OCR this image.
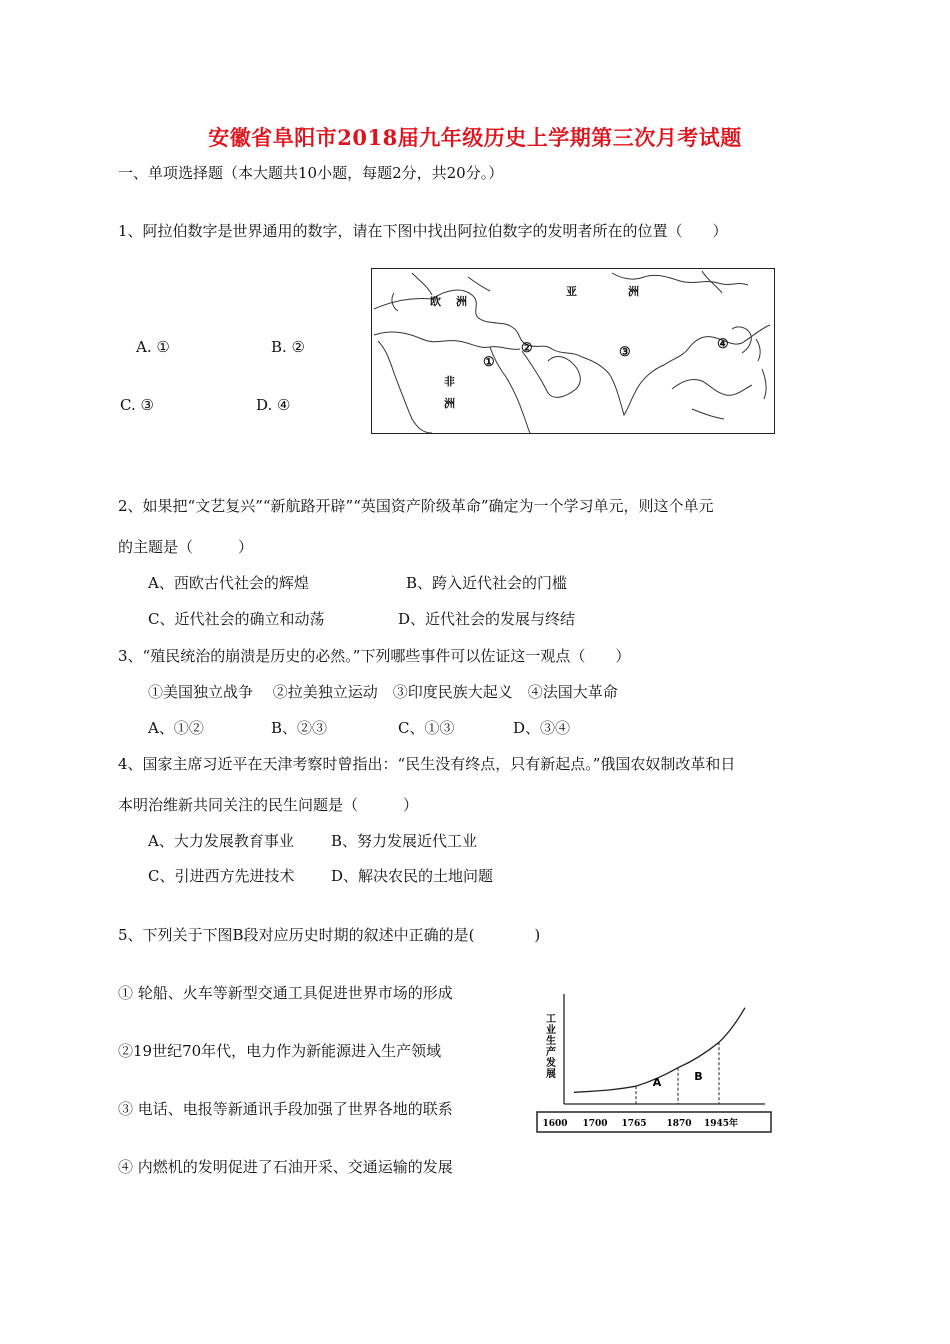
安徽省阜阳市2018届九年级历史上学期第三次月考试题
一、单项选择题（本大题共10小题，每题2分，共20分。）
1、阿拉伯数字是世界通用的数字，请在下图中找出阿拉伯数字的发明者所在的位置（　　）
A. ①	B. ②
C. ③	D. ④
欧 洲
亚	洲
非
洲
①
②	③
④
2、如果把“文艺复兴”“新航路开辟”“英国资产阶级革命”确定为一个学习单元，则这个单元
的主题是（　　　）
A、西欧古代社会的辉煌	B、跨入近代社会的门槛
C、近代社会的确立和动荡	D、近代社会的发展与终结
3、“殖民统治的崩溃是历史的必然。”下列哪些事件可以佐证这一观点（　　）
①美国独立战争　 ②拉美独立运动　③印度民族大起义　④法国大革命
A、①②	B、②③	C、①③	D、③④
4、国家主席习近平在天津考察时曾指出：“民生没有终点，只有新起点。”俄国农奴制改革和日
本明治维新共同关注的民生问题是（　　　）
A、大力发展教育事业 B、努力发展近代工业
C、引进西方先进技术 D、解决农民的土地问题
5、下列关于下图B段对应历史时期的叙述中正确的是(　　　　)
① 轮船、火车等新型交通工具促进世界市场的形成
②19世纪70年代，电力作为新能源进入生产领域
③ 电话、电报等新通讯手段加强了世界各地的联系
④ 内燃机的发明促进了石油开采、交通运输的发展
工
业
生
产
发
展
A	B
1600 1700 1765 1870 1945年
